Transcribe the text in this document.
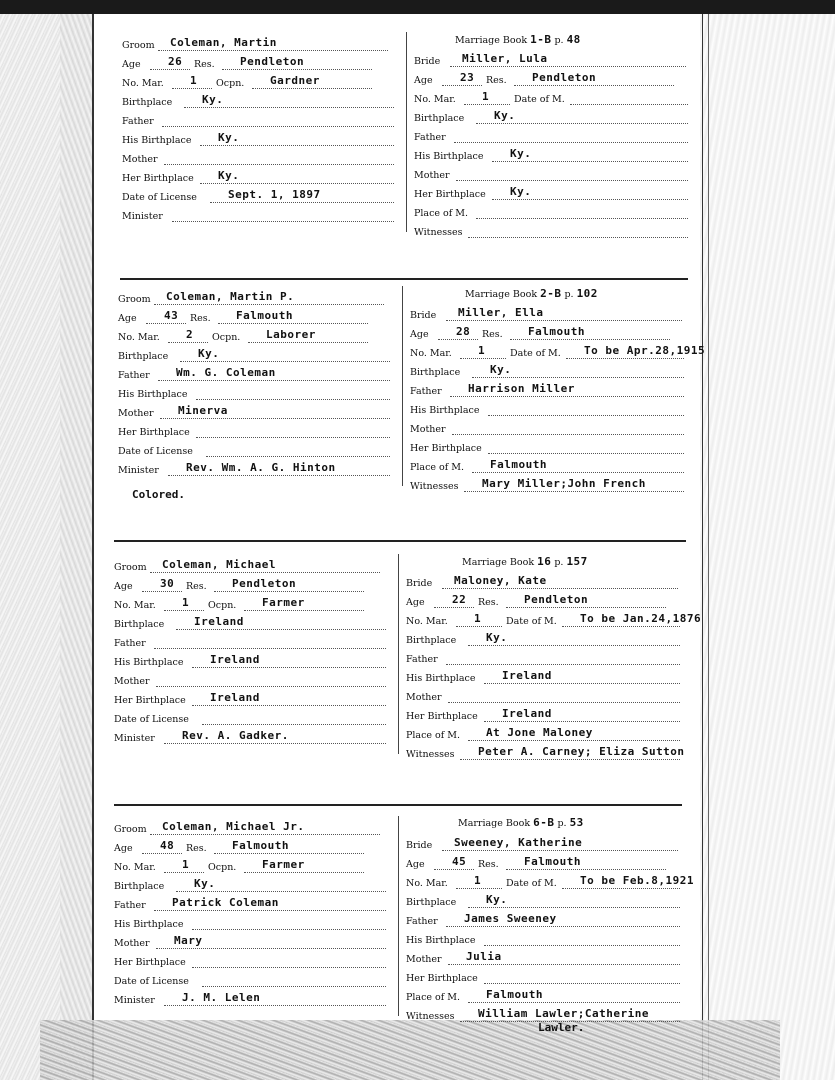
Groom Coleman, Martin
Age 26 Res. Pendleton
No. Mar. 1 Ocpn. Gardner
Birthplace	Ky.
Father
His Birthplace Ky.
Mother
Her Birthplace Ky.
Date of License	Sept. 1, 1897
Minister
Bride Miller, Lula
Age 23 Res. Pendleton
No. Mar. 1	Date of M.
Birthplace	Ky.
Father
His Birthplace Ky.
Mother
Her Birthplace Ky.
Place of M.
Witnesses
Marriage Book 1-B p. 48
Groom Coleman, Martin P.
Age 43 Res. Falmouth
No. Mar. 2 Ocpn. Laborer
Birthplace	Ky.
Father Wm. G. Coleman
His Birthplace
Mother Minerva
Her Birthplace
Date of License
Minister Rev. Wm. A. G. Hinton
Bride Miller, Ella
Age 28 Res. Falmouth
No. Mar. 1	Date of M. To be Apr.28,1915
Birthplace	Ky.
Father Harrison Miller
His Birthplace
Mother
Her Birthplace
Place of M. Falmouth
Witnesses Mary Miller;John French
Marriage Book 2-B p. 102
Colored.
Groom Coleman, Michael
Age 30 Res. Pendleton
No. Mar. 1 Ocpn. Farmer
Birthplace	Ireland
Father
His Birthplace Ireland
Mother
Her Birthplace Ireland
Date of License
Minister Rev. A. Gadker.
Bride Maloney, Kate
Age 22 Res. Pendleton
No. Mar. 1	Date of M. To be Jan.24,1876
Birthplace	Ky.
Father
His Birthplace Ireland
Mother
Her Birthplace Ireland
Place of M. At Jone Maloney
Witnesses Peter A. Carney; Eliza Sutton
Marriage Book 16 p. 157
Groom Coleman, Michael Jr.
Age 48 Res. Falmouth
No. Mar. 1 Ocpn. Farmer
Birthplace	Ky.
Father Patrick Coleman
His Birthplace
Mother Mary
Her Birthplace
Date of License
Minister J. M. Lelen
Bride Sweeney, Katherine
Age 45 Res. Falmouth
No. Mar. 1	Date of M. To be Feb.8,1921
Birthplace	Ky.
Father James Sweeney
His Birthplace
Mother Julia
Her Birthplace
Place of M. Falmouth
Witnesses William Lawler;Catherine
Marriage Book 6-B p. 53
Lawler.
